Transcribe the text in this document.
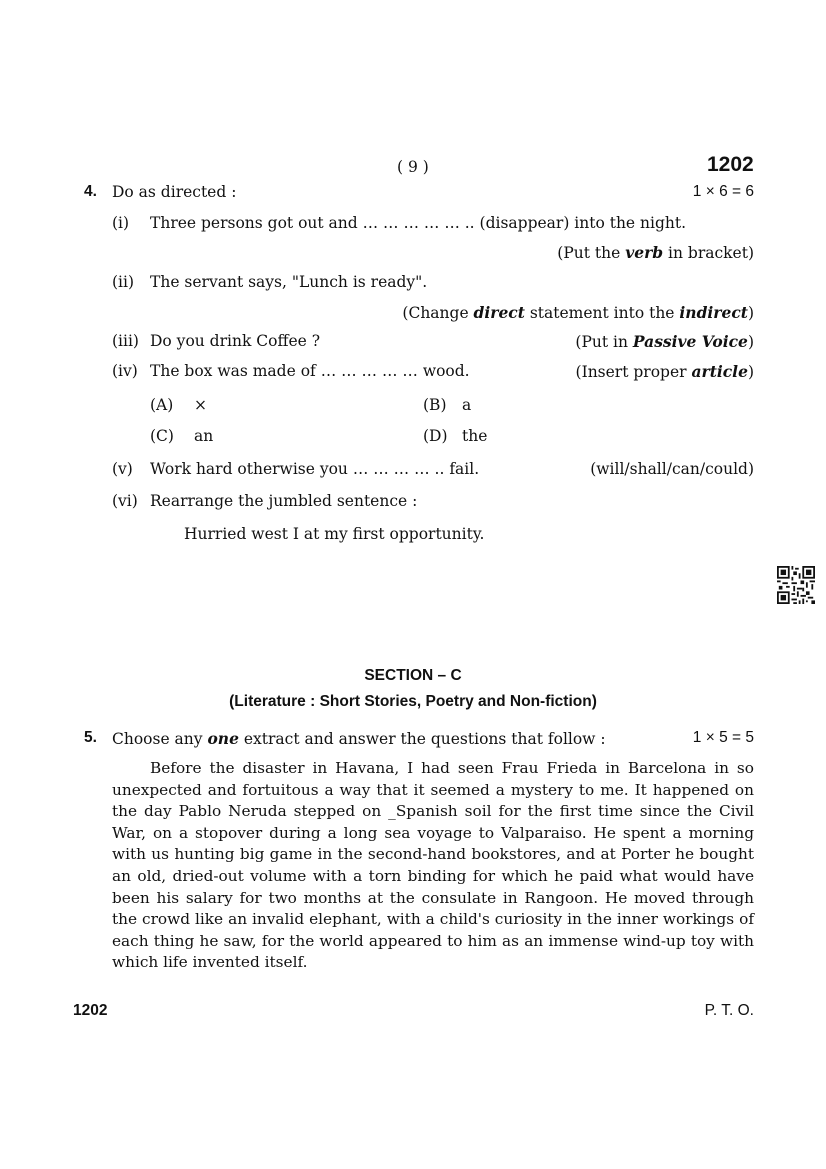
( 9 )	1202
4. Do as directed :	1 × 6 = 6
(i) Three persons got out and … … … … … .. (disappear) into the night.
(Put the verb in bracket)
(ii) The servant says, "Lunch is ready".
(Change direct statement into the indirect)
(iii) Do you drink Coffee ?	(Put in Passive Voice)
(iv) The box was made of … … … … … wood.	(Insert proper article)
(A) ×	(B) a
(C) an	(D) the
(v) Work hard otherwise you … … … … .. fail.	(will/shall/can/could)
(vi) Rearrange the jumbled sentence :
Hurried west I at my first opportunity.
SECTION – C
(Literature : Short Stories, Poetry and Non-fiction)
5. Choose any one extract and answer the questions that follow :	1 × 5 = 5
Before the disaster in Havana, I had seen Frau Frieda in Barcelona in so unexpected and fortuitous a way that it seemed a mystery to me. It happened on the day Pablo Neruda stepped on _Spanish soil for the first time since the Civil War, on a stopover during a long sea voyage to Valparaiso. He spent a morning with us hunting big game in the second-hand bookstores, and at Porter he bought an old, dried-out volume with a torn binding for which he paid what would have been his salary for two months at the consulate in Rangoon. He moved through the crowd like an invalid elephant, with a child's curiosity in the inner workings of each thing he saw, for the world appeared to him as an immense wind-up toy with which life invented itself.
1202	P. T. O.
